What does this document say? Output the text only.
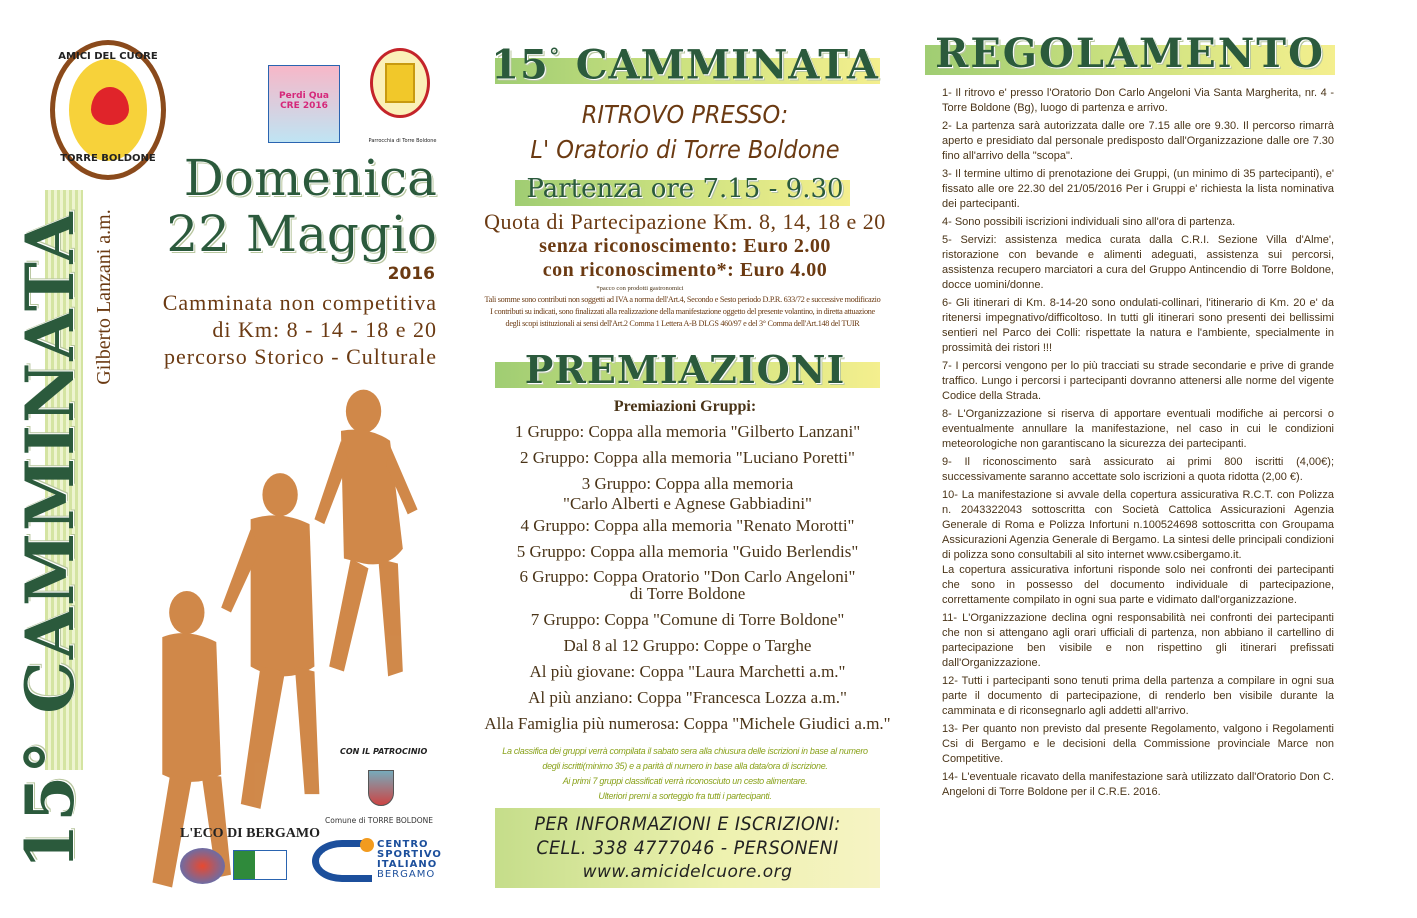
AMICI DEL CUORE
TORRE BOLDONE
Perdi Qua CRE 2016
Parrocchia di Torre Boldone
15° CAMMINATA Gilberto Lanzani a.m.
Domenica
22 Maggio
2016
Camminata non competitiva
di Km: 8 - 14 - 18 e 20
percorso Storico - Culturale
CON IL PATROCINIO
Comune di TORRE BOLDONE
L'ECO DI BERGAMO
CENTRO
SPORTIVO
ITALIANO
BERGAMO
15° CAMMINATA
RITROVO PRESSO:
L' Oratorio di Torre Boldone
Partenza ore 7.15 - 9.30
Quota di Partecipazione Km. 8, 14, 18 e 20
senza riconoscimento: Euro 2.00
con riconoscimento*: Euro 4.00
*pacco con prodotti gastronomici
Tali somme sono contributi non soggetti ad IVA a norma dell'Art.4, Secondo e Sesto periodo D.P.R. 633/72 e successive modificazio
I contributi su indicati, sono finalizzati alla realizzazione della manifestazione oggetto del presente volantino, in diretta attuazione
degli scopi istituzionali ai sensi dell'Art.2 Comma 1 Lettera A-B DLGS 460/97 e del 3° Comma dell'Art.148 del TUIR
PREMIAZIONI
Premiazioni Gruppi:
1 Gruppo: Coppa alla memoria "Gilberto Lanzani"
2 Gruppo: Coppa alla memoria "Luciano Poretti"
3 Gruppo: Coppa alla memoria
"Carlo Alberti e Agnese Gabbiadini"
4 Gruppo: Coppa alla memoria "Renato Morotti"
5 Gruppo: Coppa alla memoria "Guido Berlendis"
6 Gruppo: Coppa Oratorio "Don Carlo Angeloni"
di Torre Boldone
7 Gruppo: Coppa "Comune di Torre Boldone"
Dal 8 al 12 Gruppo: Coppe o Targhe
Al più giovane: Coppa "Laura Marchetti a.m."
Al più anziano: Coppa "Francesca Lozza a.m."
Alla Famiglia più numerosa: Coppa "Michele Giudici a.m."
La classifica dei gruppi verrà compilata il sabato sera alla chiusura delle iscrizioni in base al numero
degli iscritti(minimo 35) e a parità di numero in base alla data/ora di iscrizione.
Ai primi 7 gruppi classificati verrà riconosciuto un cesto alimentare.
Ulteriori premi a sorteggio fra tutti i partecipanti.
PER INFORMAZIONI E ISCRIZIONI:
CELL. 338 4777046 - PERSONENI
www.amicidelcuore.org
REGOLAMENTO

1- Il ritrovo e' presso l'Oratorio Don Carlo Angeloni Via Santa Margherita, nr. 4 - Torre Boldone (Bg), luogo di partenza e arrivo.

2- La partenza sarà autorizzata dalle ore 7.15 alle ore 9.30. Il percorso rimarrà aperto e presidiato dal personale predisposto dall'Organizzazione dalle ore 7.30 fino all'arrivo della "scopa".

3- Il termine ultimo di prenotazione dei Gruppi, (un minimo di 35 partecipanti), e' fissato alle ore 22.30 del 21/05/2016 Per i Gruppi e' richiesta la lista nominativa dei partecipanti.

4- Sono possibili iscrizioni individuali sino all'ora di partenza.

5- Servizi: assistenza medica curata dalla C.R.I. Sezione Villa d'Alme', ristorazione con bevande e alimenti adeguati, assistenza sui percorsi, assistenza recupero marciatori a cura del Gruppo Antincendio di Torre Boldone, docce uomini/donne.

6- Gli itinerari di Km. 8-14-20 sono ondulati-collinari, l'itinerario di Km. 20 e' da ritenersi impegnativo/difficoltoso. In tutti gli itinerari sono presenti dei bellissimi sentieri nel Parco dei Colli: rispettate la natura e l'ambiente, specialmente in prossimità dei ristori !!!

7- I percorsi vengono per lo più tracciati su strade secondarie e prive di grande traffico. Lungo i percorsi i partecipanti dovranno attenersi alle norme del vigente Codice della Strada.

8- L'Organizzazione si riserva di apportare eventuali modifiche ai percorsi o eventualmente annullare la manifestazione, nel caso in cui le condizioni meteorologiche non garantiscano la sicurezza dei partecipanti.

9- Il riconoscimento sarà assicurato ai primi 800 iscritti (4,00€); successivamente saranno accettate solo iscrizioni a quota ridotta (2,00 €).

10- La manifestazione si avvale della copertura assicurativa R.C.T. con Polizza n. 2043322043 sottoscritta con Società Cattolica Assicurazioni Agenzia Generale di Roma e Polizza Infortuni n.100524698 sottoscritta con Groupama Assicurazioni Agenzia Generale di Bergamo. La sintesi delle principali condizioni di polizza sono consultabili al sito internet www.csibergamo.it.

La copertura assicurativa infortuni risponde solo nei confronti dei partecipanti che sono in possesso del documento individuale di partecipazione, correttamente compilato in ogni sua parte e vidimato dall'organizzazione.

11- L'Organizzazione declina ogni responsabilità nei confronti dei partecipanti che non si attengano agli orari ufficiali di partenza, non abbiano il cartellino di partecipazione ben visibile e non rispettino gli itinerari prefissati dall'Organizzazione.

12- Tutti i partecipanti sono tenuti prima della partenza a compilare in ogni sua parte il documento di partecipazione, di renderlo ben visibile durante la camminata e di riconsegnarlo agli addetti all'arrivo.

13- Per quanto non previsto dal presente Regolamento, valgono i Regolamenti Csi di Bergamo e le decisioni della Commissione provinciale Marce non Competitive.

14- L'eventuale ricavato della manifestazione sarà utilizzato dall'Oratorio Don C. Angeloni di Torre Boldone per il C.R.E. 2016.
